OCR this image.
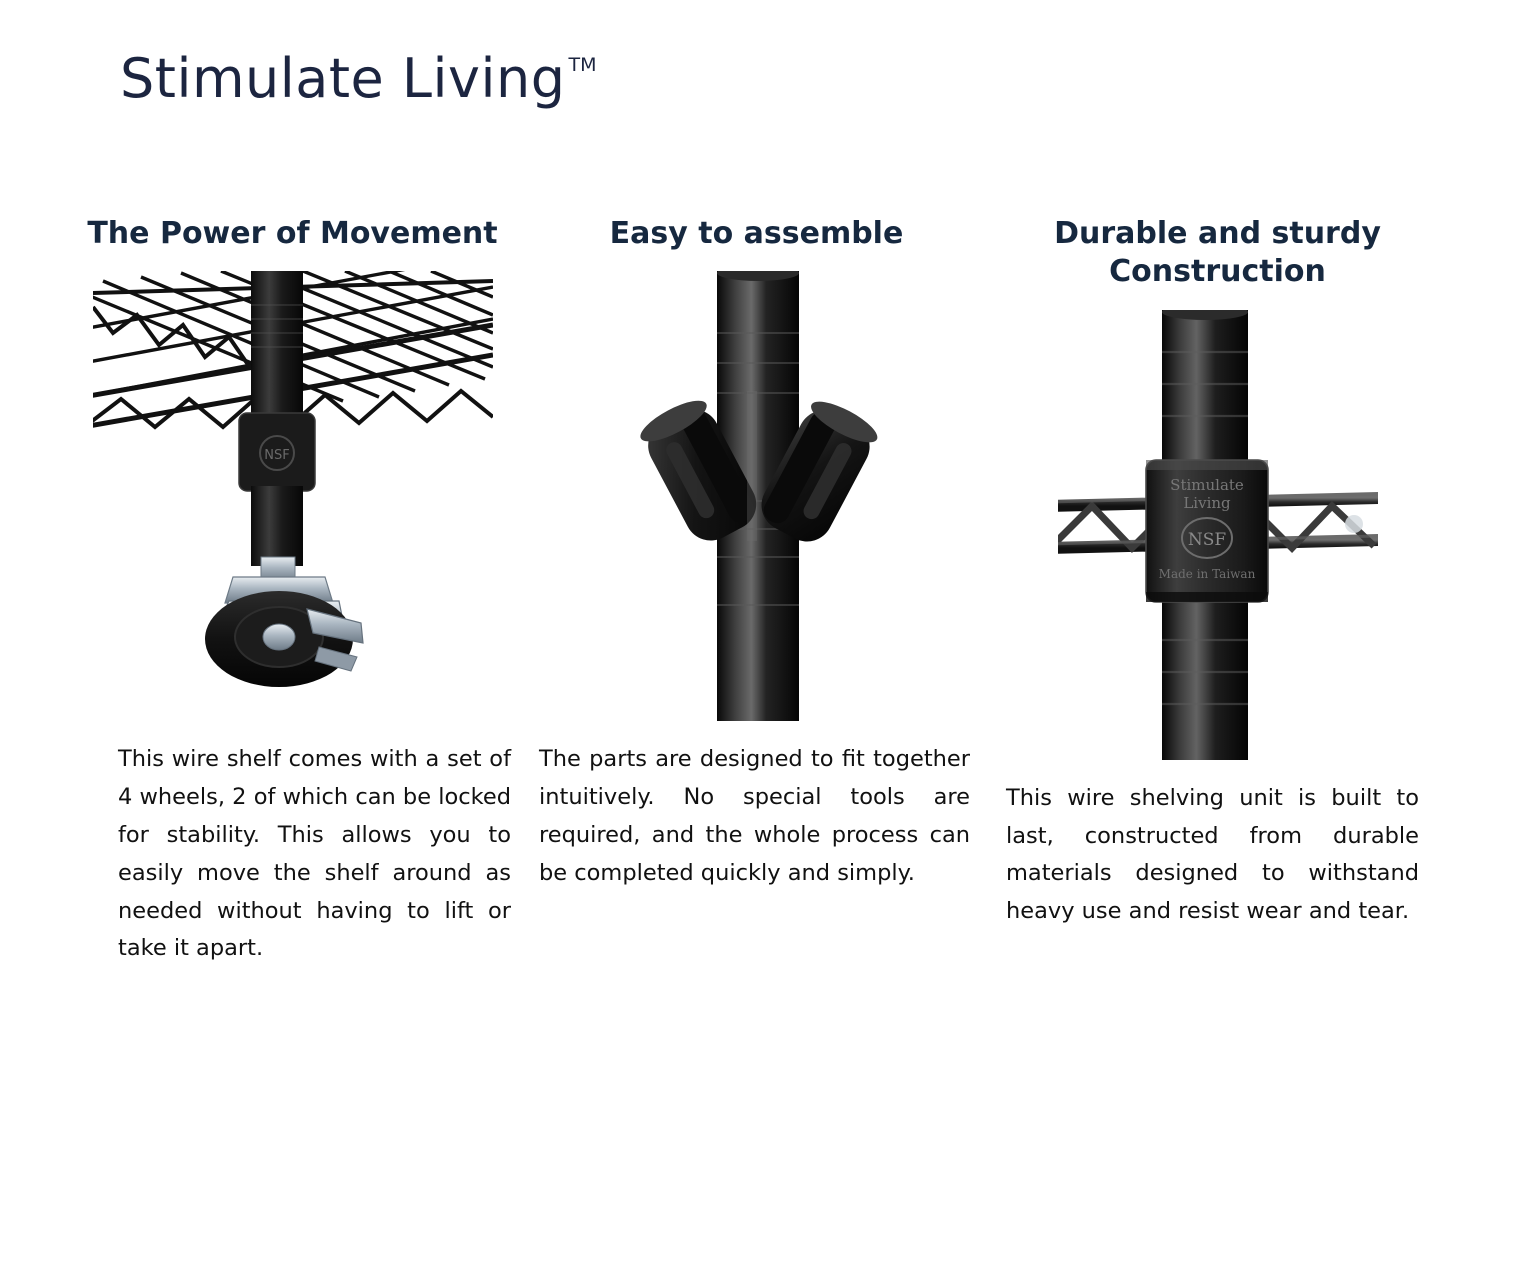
Stimulate Living TM
The Power of Movement
NSF

This wire shelf comes with a set of 4 wheels, 2 of which can be locked for stability. This allows you to easily move the shelf around as needed without having to lift or take it apart.

Easy to assemble

The parts are designed to fit together intuitively. No special tools are required, and the whole process can be completed quickly and simply.

Durable and sturdy Construction
Stimulate
Living
NSF
Made in Taiwan

This wire shelving unit is built to last, constructed from durable materials designed to withstand heavy use and resist wear and tear.
